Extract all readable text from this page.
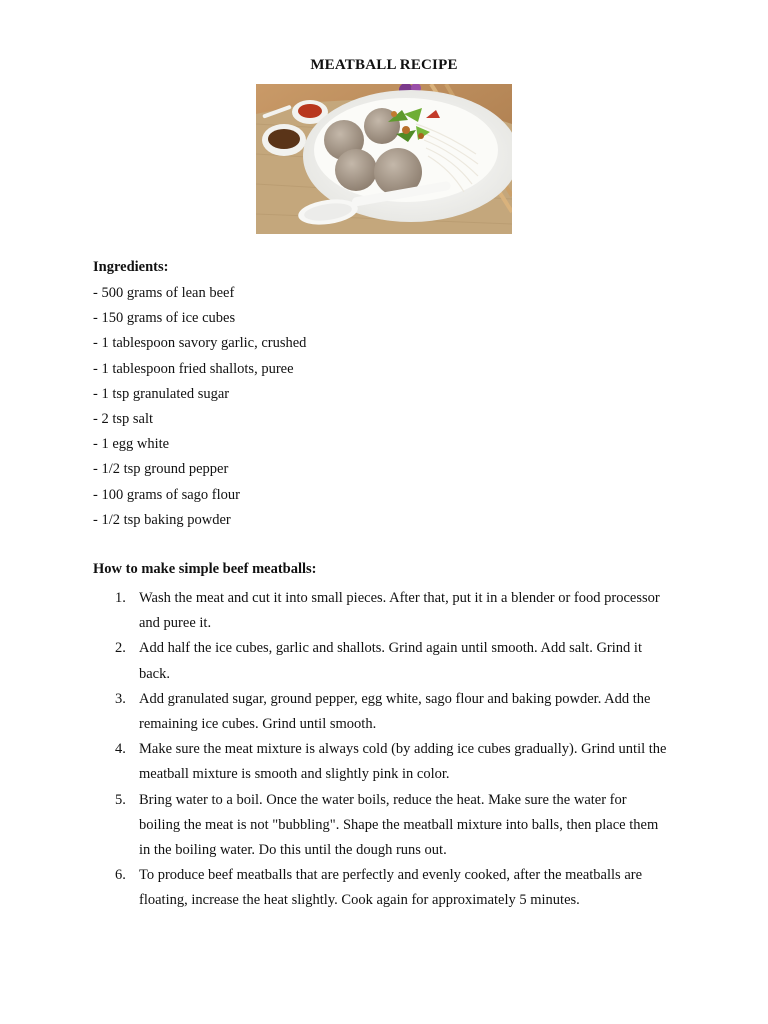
MEATBALL RECIPE
Ingredients:
- 500 grams of lean beef
- 150 grams of ice cubes
- 1 tablespoon savory garlic, crushed
- 1 tablespoon fried shallots, puree
- 1 tsp granulated sugar
- 2 tsp salt
- 1 egg white
- 1/2 tsp ground pepper
- 100 grams of sago flour
- 1/2 tsp baking powder
How to make simple beef meatballs:
1. Wash the meat and cut it into small pieces. After that, put it in a blender or food processor and puree it.
2. Add half the ice cubes, garlic and shallots. Grind again until smooth. Add salt. Grind it back.
3. Add granulated sugar, ground pepper, egg white, sago flour and baking powder. Add the remaining ice cubes. Grind until smooth.
4. Make sure the meat mixture is always cold (by adding ice cubes gradually). Grind until the meatball mixture is smooth and slightly pink in color.
5. Bring water to a boil. Once the water boils, reduce the heat. Make sure the water for boiling the meat is not "bubbling". Shape the meatball mixture into balls, then place them in the boiling water. Do this until the dough runs out.
6. To produce beef meatballs that are perfectly and evenly cooked, after the meatballs are floating, increase the heat slightly. Cook again for approximately 5 minutes.
